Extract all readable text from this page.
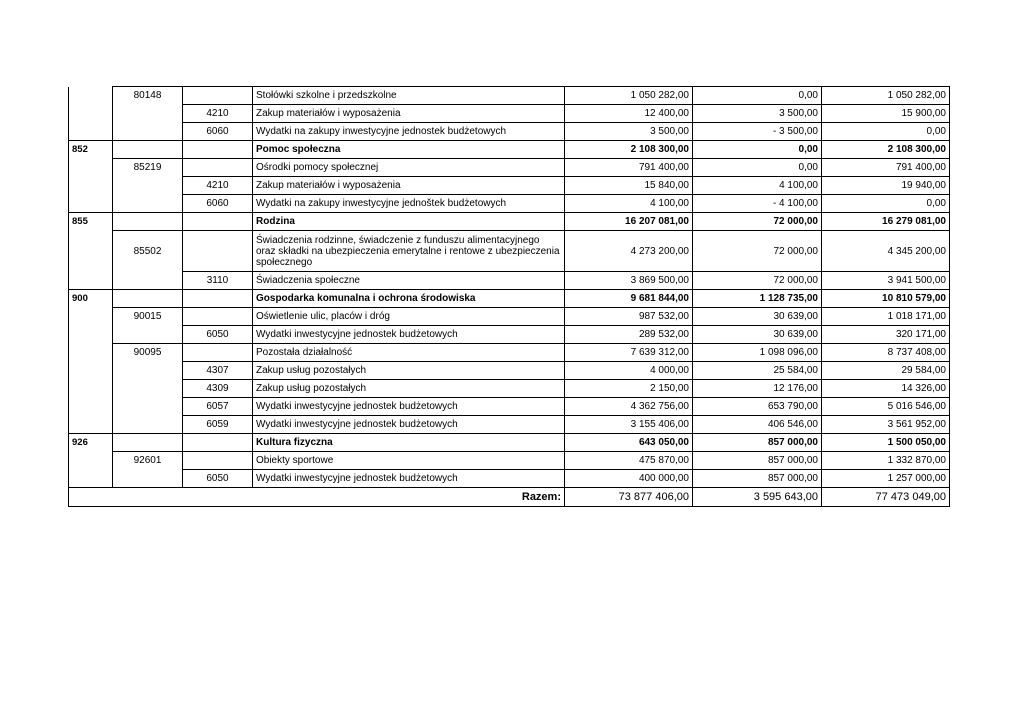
	80148		Stołówki szkolne i przedszkolne	1 050 282,00	0,00	1 050 282,00
		4210	Zakup materiałów i wyposażenia	12 400,00	3 500,00	15 900,00
		6060	Wydatki na zakupy inwestycyjne jednostek budżetowych	3 500,00	- 3 500,00	0,00
852			Pomoc społeczna	2 108 300,00	0,00	2 108 300,00
	85219		Ośrodki pomocy społecznej	791 400,00	0,00	791 400,00
		4210	Zakup materiałów i wyposażenia	15 840,00	4 100,00	19 940,00
		6060	Wydatki na zakupy inwestycyjne jednoštek budżetowych	4 100,00	- 4 100,00	0,00
855			Rodzina	16 207 081,00	72 000,00	16 279 081,00
	85502		Świadczenia rodzinne, świadczenie z funduszu alimentacyjnego oraz składki na ubezpieczenia emerytalne i rentowe z ubezpieczenia społecznego	4 273 200,00	72 000,00	4 345 200,00
		3110	Świadczenia społeczne	3 869 500,00	72 000,00	3 941 500,00
900			Gospodarka komunalna i ochrona środowiska	9 681 844,00	1 128 735,00	10 810 579,00
	90015		Oświetlenie ulic, placów i dróg	987 532,00	30 639,00	1 018 171,00
		6050	Wydatki inwestycyjne jednostek budżetowych	289 532,00	30 639,00	320 171,00
	90095		Pozostała działalność	7 639 312,00	1 098 096,00	8 737 408,00
		4307	Zakup usług pozostałych	4 000,00	25 584,00	29 584,00
		4309	Zakup usług pozostałych	2 150,00	12 176,00	14 326,00
		6057	Wydatki inwestycyjne jednostek budżetowych	4 362 756,00	653 790,00	5 016 546,00
		6059	Wydatki inwestycyjne jednostek budżetowych	3 155 406,00	406 546,00	3 561 952,00
926			Kultura fizyczna	643 050,00	857 000,00	1 500 050,00
	92601		Obiekty sportowe	475 870,00	857 000,00	1 332 870,00
		6050	Wydatki inwestycyjne jednostek budżetowych	400 000,00	857 000,00	1 257 000,00
			Razem:	73 877 406,00	3 595 643,00	77 473 049,00
